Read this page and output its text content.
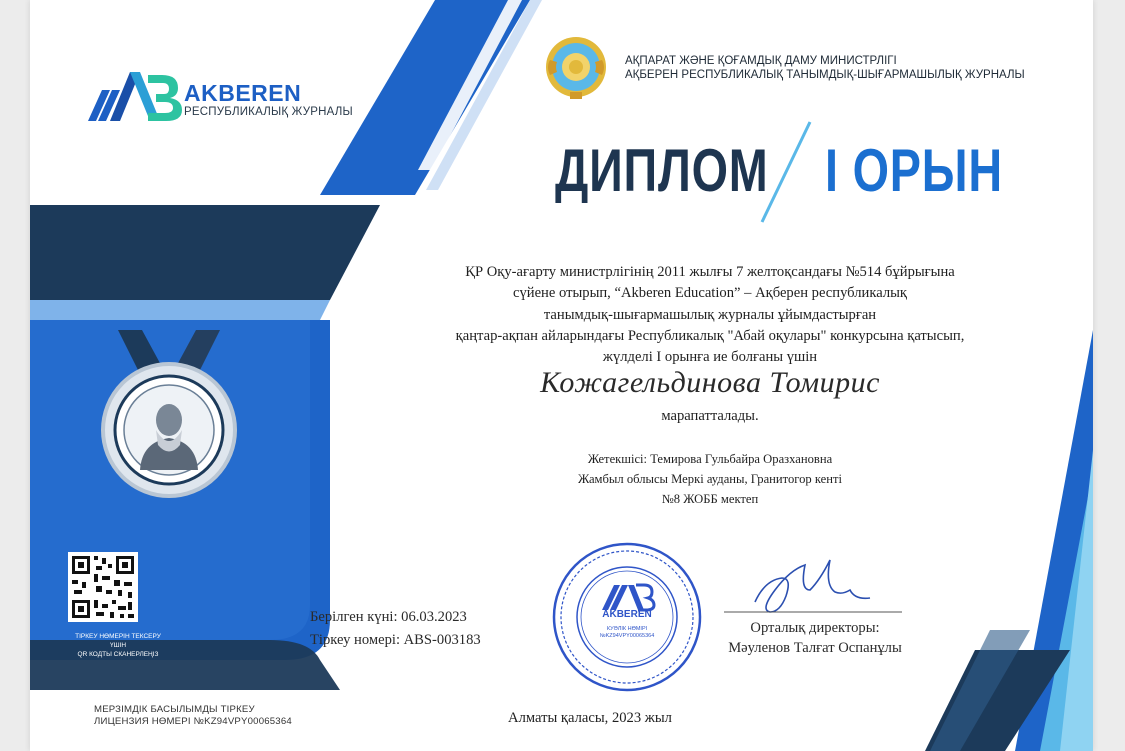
AKBEREN
РЕСПУБЛИКАЛЫҚ ЖУРНАЛЫ
АҚПАРАТ ЖӘНЕ ҚОҒАМДЫҚ ДАМУ МИНИСТРЛІГІ
АҚБЕРЕН РЕСПУБЛИКАЛЫҚ ТАНЫМДЫҚ-ШЫҒАРМАШЫЛЫҚ ЖУРНАЛЫ
ДИПЛОМ І ОРЫН
ҚР Оқу-ағарту министрлігінің 2011 жылғы 7 желтоқсандағы №514 бұйрығына
сүйене отырып, “Akberen Education” – Ақберен республикалық
танымдық-шығармашылық журналы ұйымдастырған
қаңтар-ақпан айларындағы Республикалық "Абай оқулары" конкурсына қатысып,
жүлделі І орынға ие болғаны үшін
Кожагельдинова Томирис
марапатталады.
Жетекшісі: Темирова Гульбайра Оразхановна
Жамбыл облысы Меркі ауданы, Гранитогор кенті
№8 ЖОББ мектеп
Берілген күні: 06.03.2023
Тіркеу номері: ABS-003183
AKBEREN
КУӘЛІК НӨМІРІ
№KZ94VPY00065364	Орталық директоры:
Мәуленов Талғат Оспанұлы
ТІРКЕУ НӨМЕРІН ТЕКСЕРУ ҮШІН
QR КОДТЫ СКАНЕРЛЕҢІЗ
МЕРЗІМДІК БАСЫЛЫМДЫ ТІРКЕУ
ЛИЦЕНЗИЯ НӨМЕРІ №KZ94VPY00065364	Алматы қаласы, 2023 жыл
